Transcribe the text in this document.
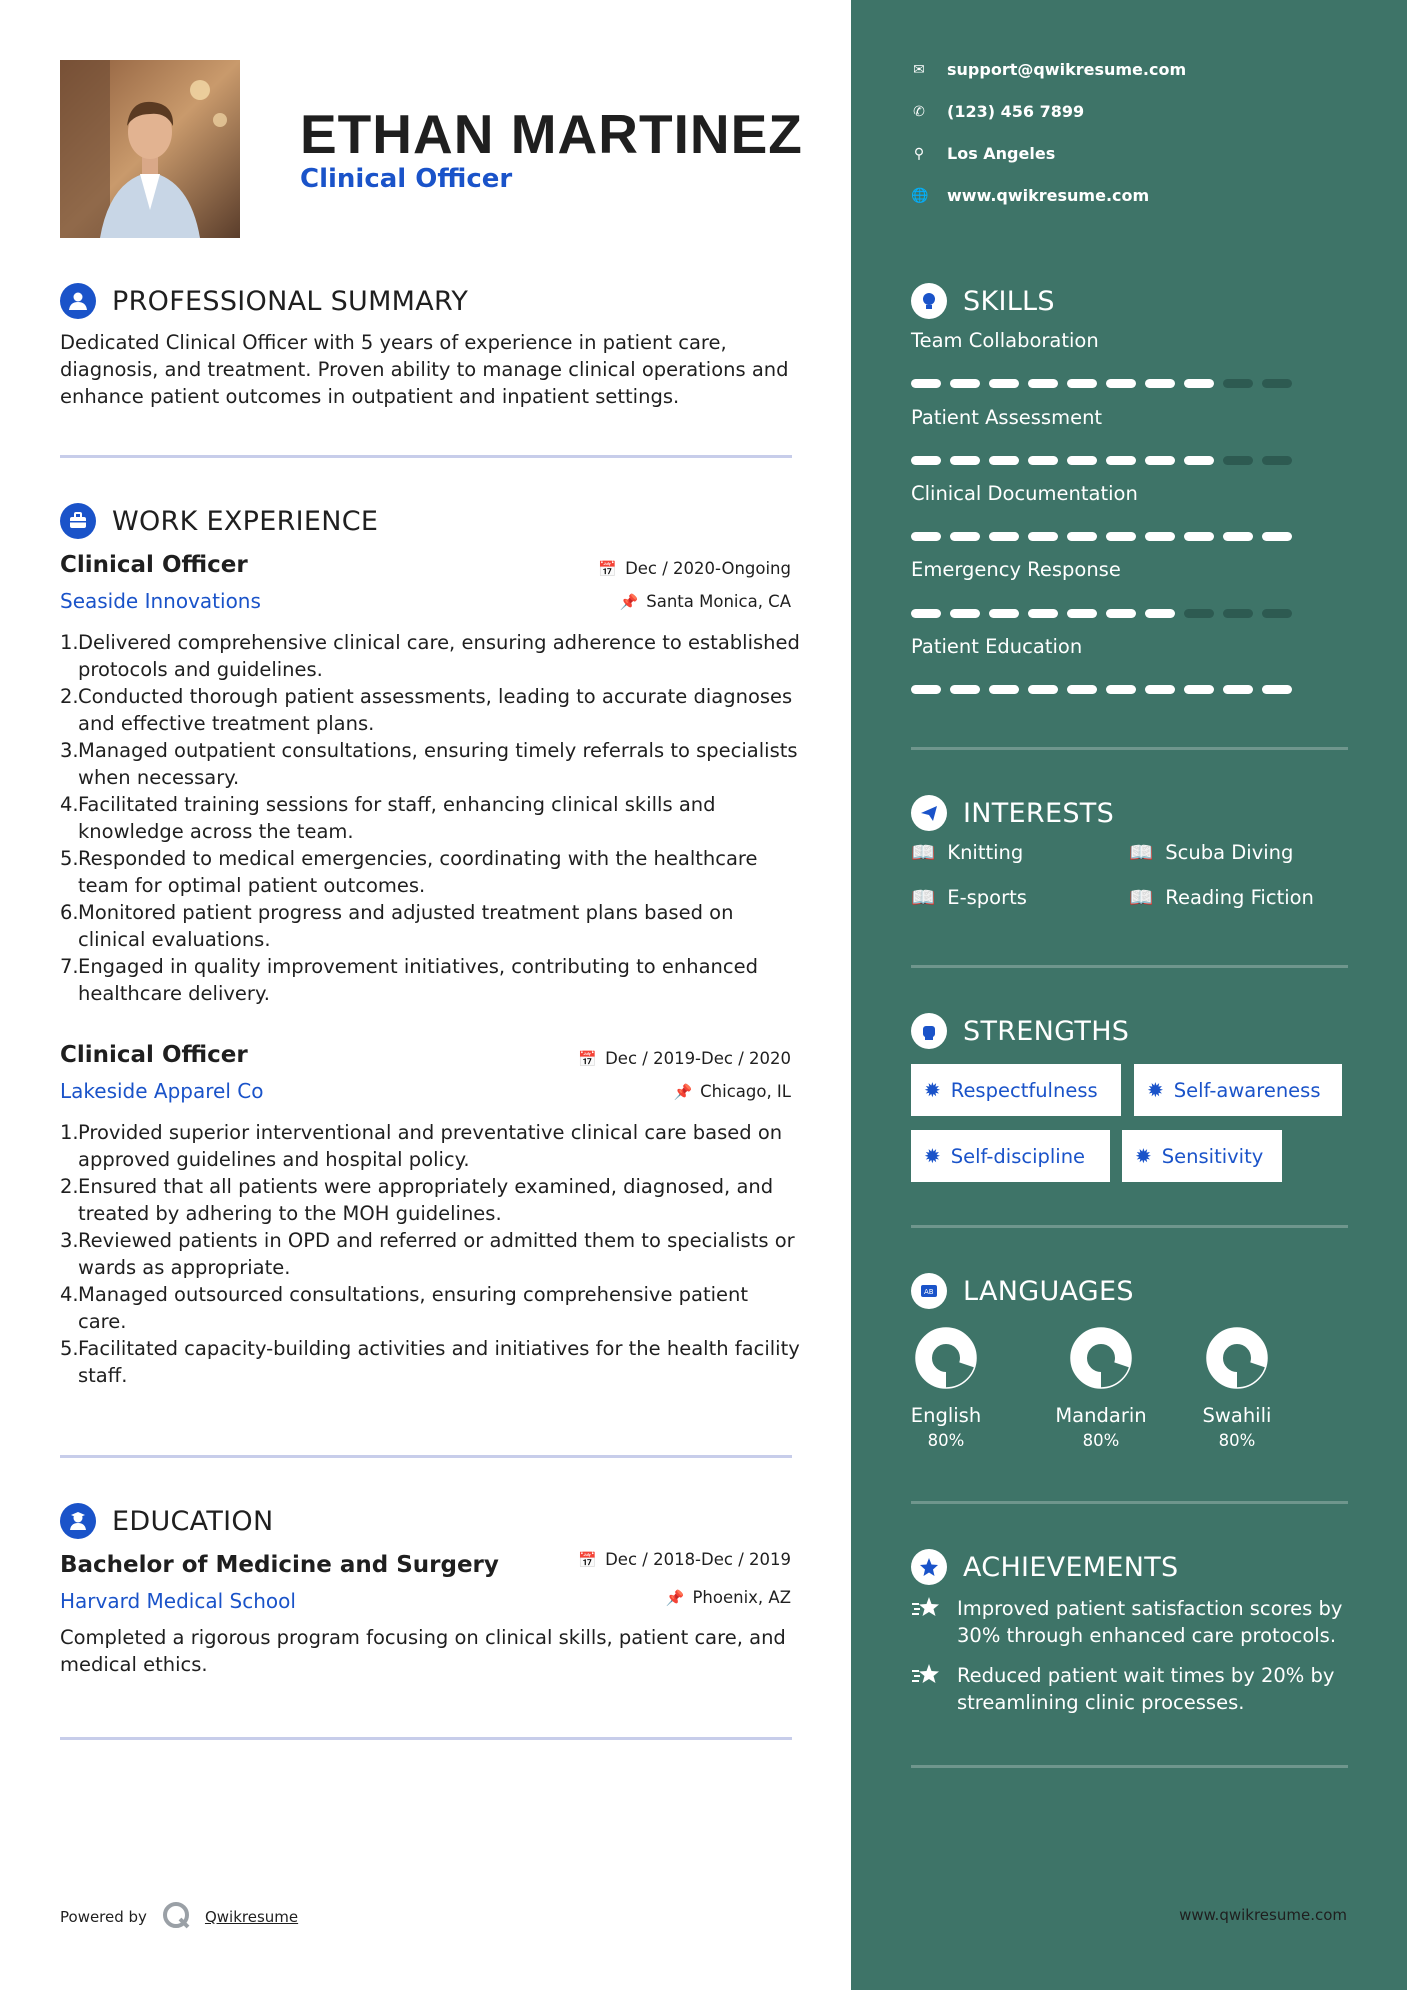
ETHAN MARTINEZ
Clinical Officer
PROFESSIONAL SUMMARY
Dedicated Clinical Officer with 5 years of experience in patient care, diagnosis, and treatment. Proven ability to manage clinical operations and enhance patient outcomes in outpatient and inpatient settings.
WORK EXPERIENCE
Clinical Officer	📅 Dec / 2020-Ongoing
Seaside Innovations	📌 Santa Monica, CA
1. Delivered comprehensive clinical care, ensuring adherence to established protocols and guidelines.
2. Conducted thorough patient assessments, leading to accurate diagnoses and effective treatment plans.
3. Managed outpatient consultations, ensuring timely referrals to specialists when necessary.
4. Facilitated training sessions for staff, enhancing clinical skills and knowledge across the team.
5. Responded to medical emergencies, coordinating with the healthcare team for optimal patient outcomes.
6. Monitored patient progress and adjusted treatment plans based on clinical evaluations.
7. Engaged in quality improvement initiatives, contributing to enhanced healthcare delivery.
Clinical Officer	📅 Dec / 2019-Dec / 2020
Lakeside Apparel Co	📌 Chicago, IL
1. Provided superior interventional and preventative clinical care based on approved guidelines and hospital policy.
2. Ensured that all patients were appropriately examined, diagnosed, and treated by adhering to the MOH guidelines.
3. Reviewed patients in OPD and referred or admitted them to specialists or wards as appropriate.
4. Managed outsourced consultations, ensuring comprehensive patient care.
5. Facilitated capacity-building activities and initiatives for the health facility staff.
EDUCATION
Bachelor of Medicine and Surgery	📅 Dec / 2018-Dec / 2019
Harvard Medical School	📌 Phoenix, AZ
Completed a rigorous program focusing on clinical skills, patient care, and medical ethics.
Powered by	Qwikresume
✉ support@qwikresume.com
✆ (123) 456 7899
⚲ Los Angeles
🌐 www.qwikresume.com
SKILLS
Team Collaboration
Patient Assessment
Clinical Documentation
Emergency Response
Patient Education
INTERESTS
📖 Knitting	📖 Scuba Diving
📖 E-sports	📖 Reading Fiction
STRENGTHS
✹ Respectfulness ✹ Self-awareness
✹ Self-discipline ✹ Sensitivity
AB LANGUAGES
English
80%
Mandarin
80%
Swahili
80%
ACHIEVEMENTS
Improved patient satisfaction scores by 30% through enhanced care protocols.
Reduced patient wait times by 20% by streamlining clinic processes.
www.qwikresume.com
